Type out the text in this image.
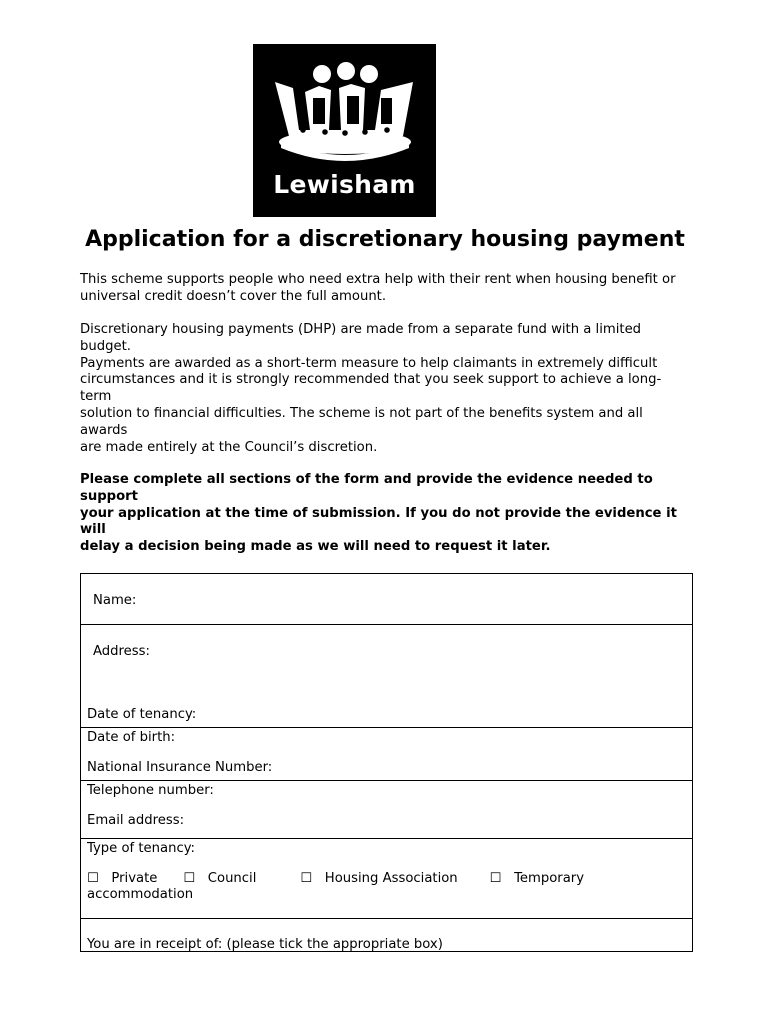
Lewisham
Application for a discretionary housing payment

This scheme supports people who need extra help with their rent when housing benefit or
universal credit doesn’t cover the full amount.

Discretionary housing payments (DHP) are made from a separate fund with a limited
budget.
Payments are awarded as a short-term measure to help claimants in extremely difficult
circumstances and it is strongly recommended that you seek support to achieve a long-
term
solution to financial difficulties. The scheme is not part of the benefits system and all
awards
are made entirely at the Council’s discretion.

Please complete all sections of the form and provide the evidence needed to
support
your application at the time of submission. If you do not provide the evidence it
will
delay a decision being made as we will need to request it later.

Name:
Address:
Date of tenancy:
Date of birth:
National Insurance Number:
Telephone number:
Email address:
Type of tenancy:
☐ Private ☐ Council	☐ Housing Association ☐ Temporary accommodation
You are in receipt of: (please tick the appropriate box)
